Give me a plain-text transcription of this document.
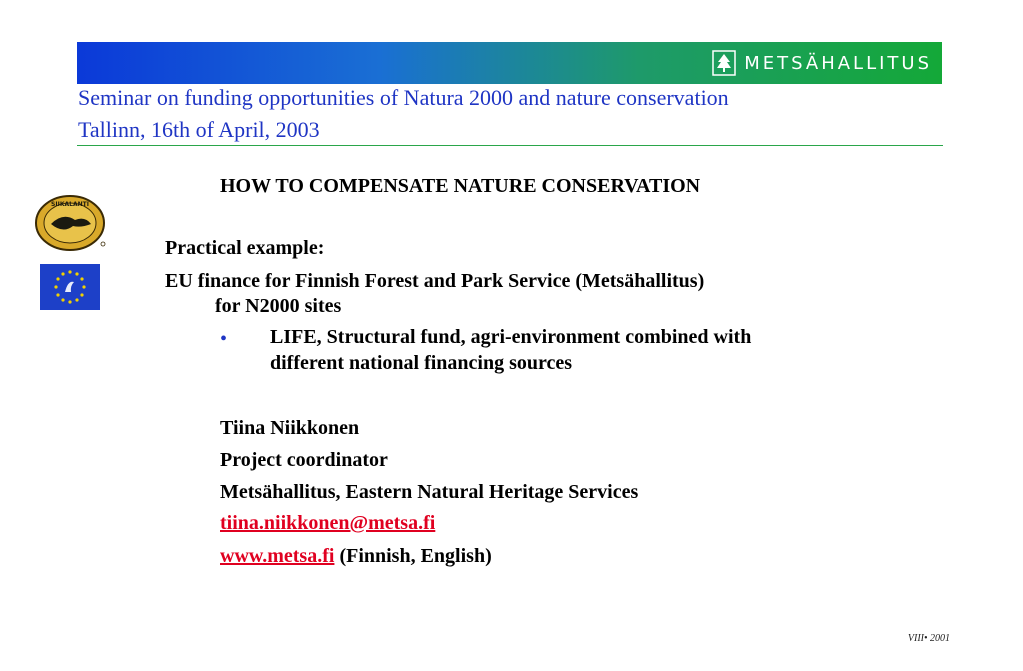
METSÄHALLITUS
Seminar on funding opportunities of Natura 2000 and nature conservation
Tallinn, 16th of April, 2003
SIIKALANTI
HOW TO COMPENSATE NATURE CONSERVATION
Practical example:
EU finance for Finnish Forest and Park Service (Metsähallitus)
for N2000 sites
• LIFE, Structural fund, agri-environment combined with
different national financing sources
Tiina Niikkonen
Project coordinator
Metsähallitus, Eastern Natural Heritage Services
tiina.niikkonen@metsa.fi
www.metsa.fi (Finnish, English)
VIII• 2001
